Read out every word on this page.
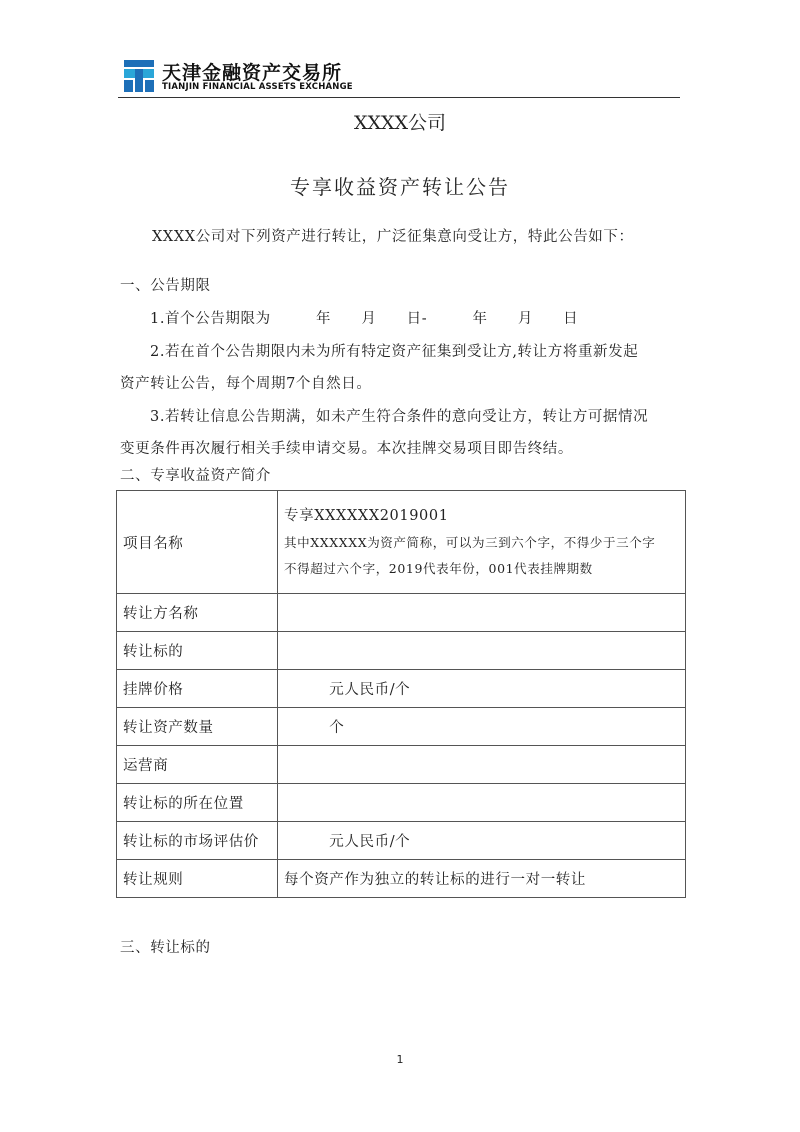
天津金融资产交易所
TIANJIN FINANCIAL ASSETS EXCHANGE
XXXX公司
专享收益资产转让公告
XXXX公司对下列资产进行转让，广泛征集意向受让方，特此公告如下：
一、公告期限
1.首个公告期限为　　　年　　月　　日-　　　年　　月　　日
2.若在首个公告期限内未为所有特定资产征集到受让方,转让方将重新发起
资产转让公告，每个周期7个自然日。
3.若转让信息公告期满，如未产生符合条件的意向受让方，转让方可据情况
变更条件再次履行相关手续申请交易。本次挂牌交易项目即告终结。
二、专享收益资产简介
项目名称	专享XXXXXX2019001
其中XXXXXX为资产简称，可以为三到六个字，不得少于三个字
不得超过六个字，2019代表年份，001代表挂牌期数

转让方名称	
转让标的	
挂牌价格	　　　元人民币/个
转让资产数量	　　　个
运营商	
转让标的所在位置	
转让标的市场评估价	　　　元人民币/个
转让规则	每个资产作为独立的转让标的进行一对一转让
三、转让标的
1
